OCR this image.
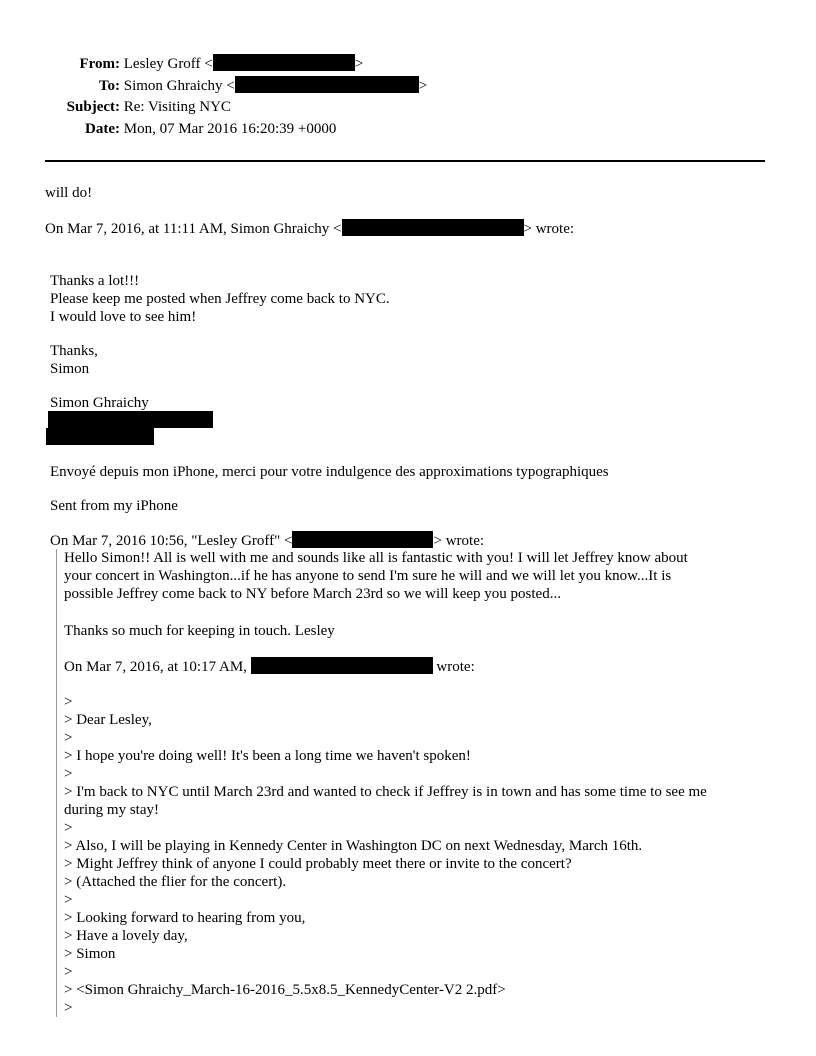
From: Lesley Groff <	>
To: Simon Ghraichy <	>
Subject: Re: Visiting NYC
Date: Mon, 07 Mar 2016 16:20:39 +0000
will do!
On Mar 7, 2016, at 11:11 AM, Simon Ghraichy <	> wrote:
Thanks a lot!!!
Please keep me posted when Jeffrey come back to NYC.
I would love to see him!
Thanks,
Simon
Simon Ghraichy
Envoyé depuis mon iPhone, merci pour votre indulgence des approximations typographiques
Sent from my iPhone
On Mar 7, 2016 10:56, "Lesley Groff" <	> wrote:
Hello Simon!! All is well with me and sounds like all is fantastic with you! I will let Jeffrey know about
your concert in Washington...if he has anyone to send I'm sure he will and we will let you know...It is
possible Jeffrey come back to NY before March 23rd so we will keep you posted...
Thanks so much for keeping in touch. Lesley
On Mar 7, 2016, at 10:17 AM,	wrote:
>
> Dear Lesley,
>
> I hope you're doing well! It's been a long time we haven't spoken!
>
> I'm back to NYC until March 23rd and wanted to check if Jeffrey is in town and has some time to see me
during my stay!
>
> Also, I will be playing in Kennedy Center in Washington DC on next Wednesday, March 16th.
> Might Jeffrey think of anyone I could probably meet there or invite to the concert?
> (Attached the flier for the concert).
>
> Looking forward to hearing from you,
> Have a lovely day,
> Simon
>
> <Simon Ghraichy_March-16-2016_5.5x8.5_KennedyCenter-V2 2.pdf>
>
